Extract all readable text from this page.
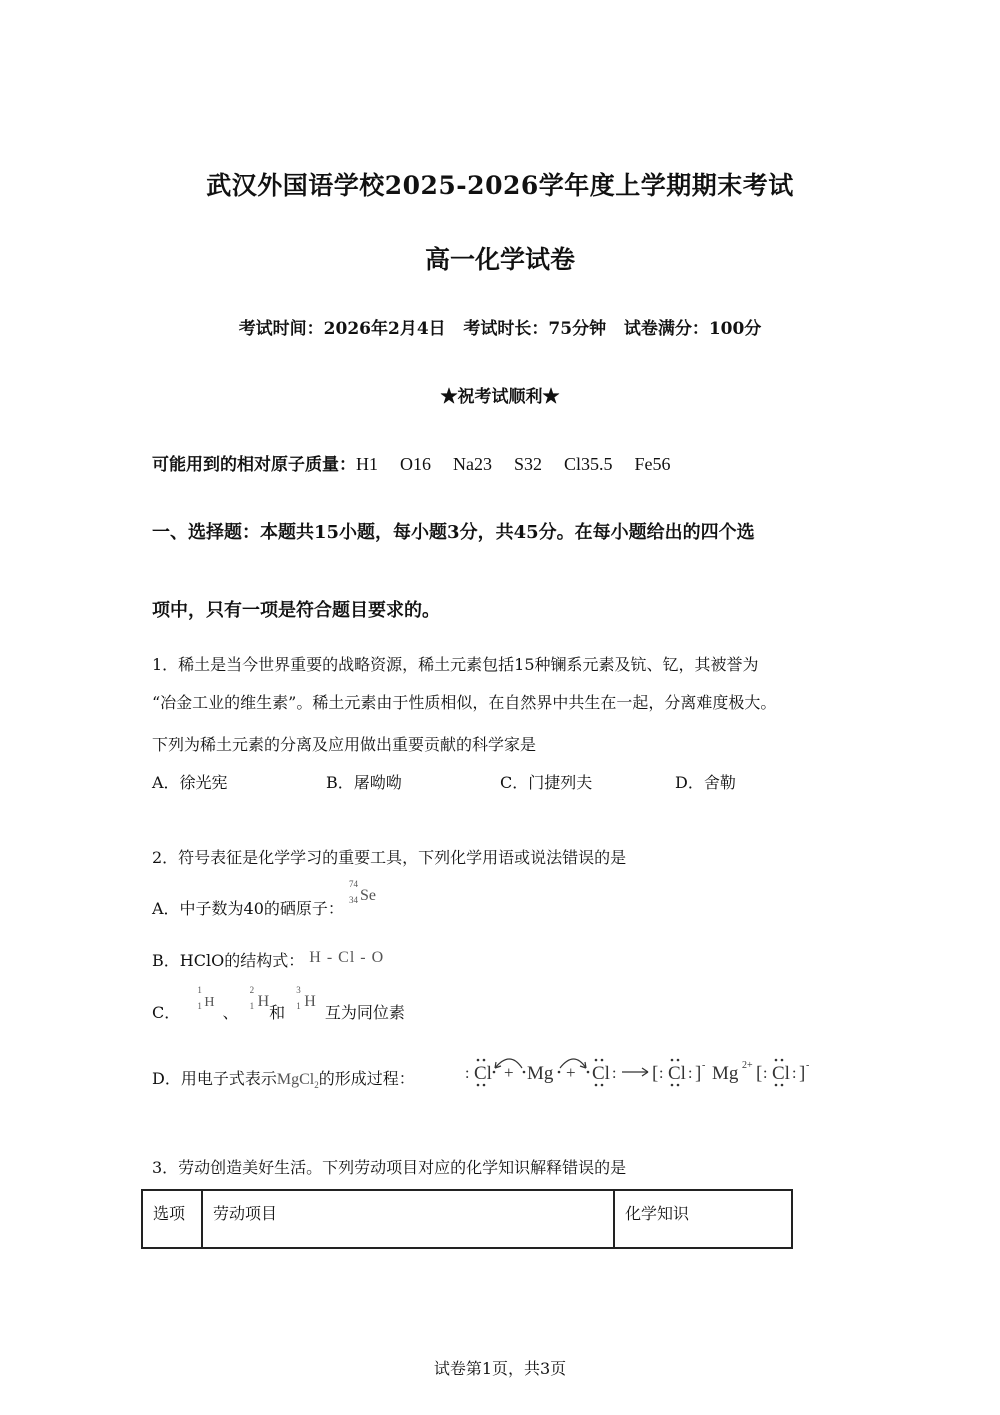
武汉外国语学校2025-2026学年度上学期期末考试
高一化学试卷
考试时间：2026年2月4日   考试时长：75分钟   试卷满分：100分
★祝考试顺利★
可能用到的相对原子质量：H1 O16 Na23 S32 Cl35.5 Fe56
一、选择题：本题共15小题，每小题3分，共45分。在每小题给出的四个选
项中，只有一项是符合题目要求的。
1．稀土是当今世界重要的战略资源，稀土元素包括15种镧系元素及钪、钇，其被誉为
“冶金工业的维生素”。稀土元素由于性质相似，在自然界中共生在一起，分离难度极大。
下列为稀土元素的分离及应用做出重要贡献的科学家是
A．徐光宪	B．屠呦呦	C．门捷列夫	D．舍勒
2．符号表征是化学学习的重要工具，下列化学用语或说法错误的是
A．中子数为40的硒原子：
74
34 Se
B．HClO的结构式： H - Cl - O
C．
1
1 H、
2
1 H和
3
1 H 互为同位素
D．用电子式表示MgCl$_2$的形成过程：	: Cl + Mg + Cl : [ : Cl : ] - Mg 2+ [ : Cl : ] -
3．劳动创造美好生活。下列劳动项目对应的化学知识解释错误的是
选项	劳动项目	化学知识
试卷第1页，共3页
